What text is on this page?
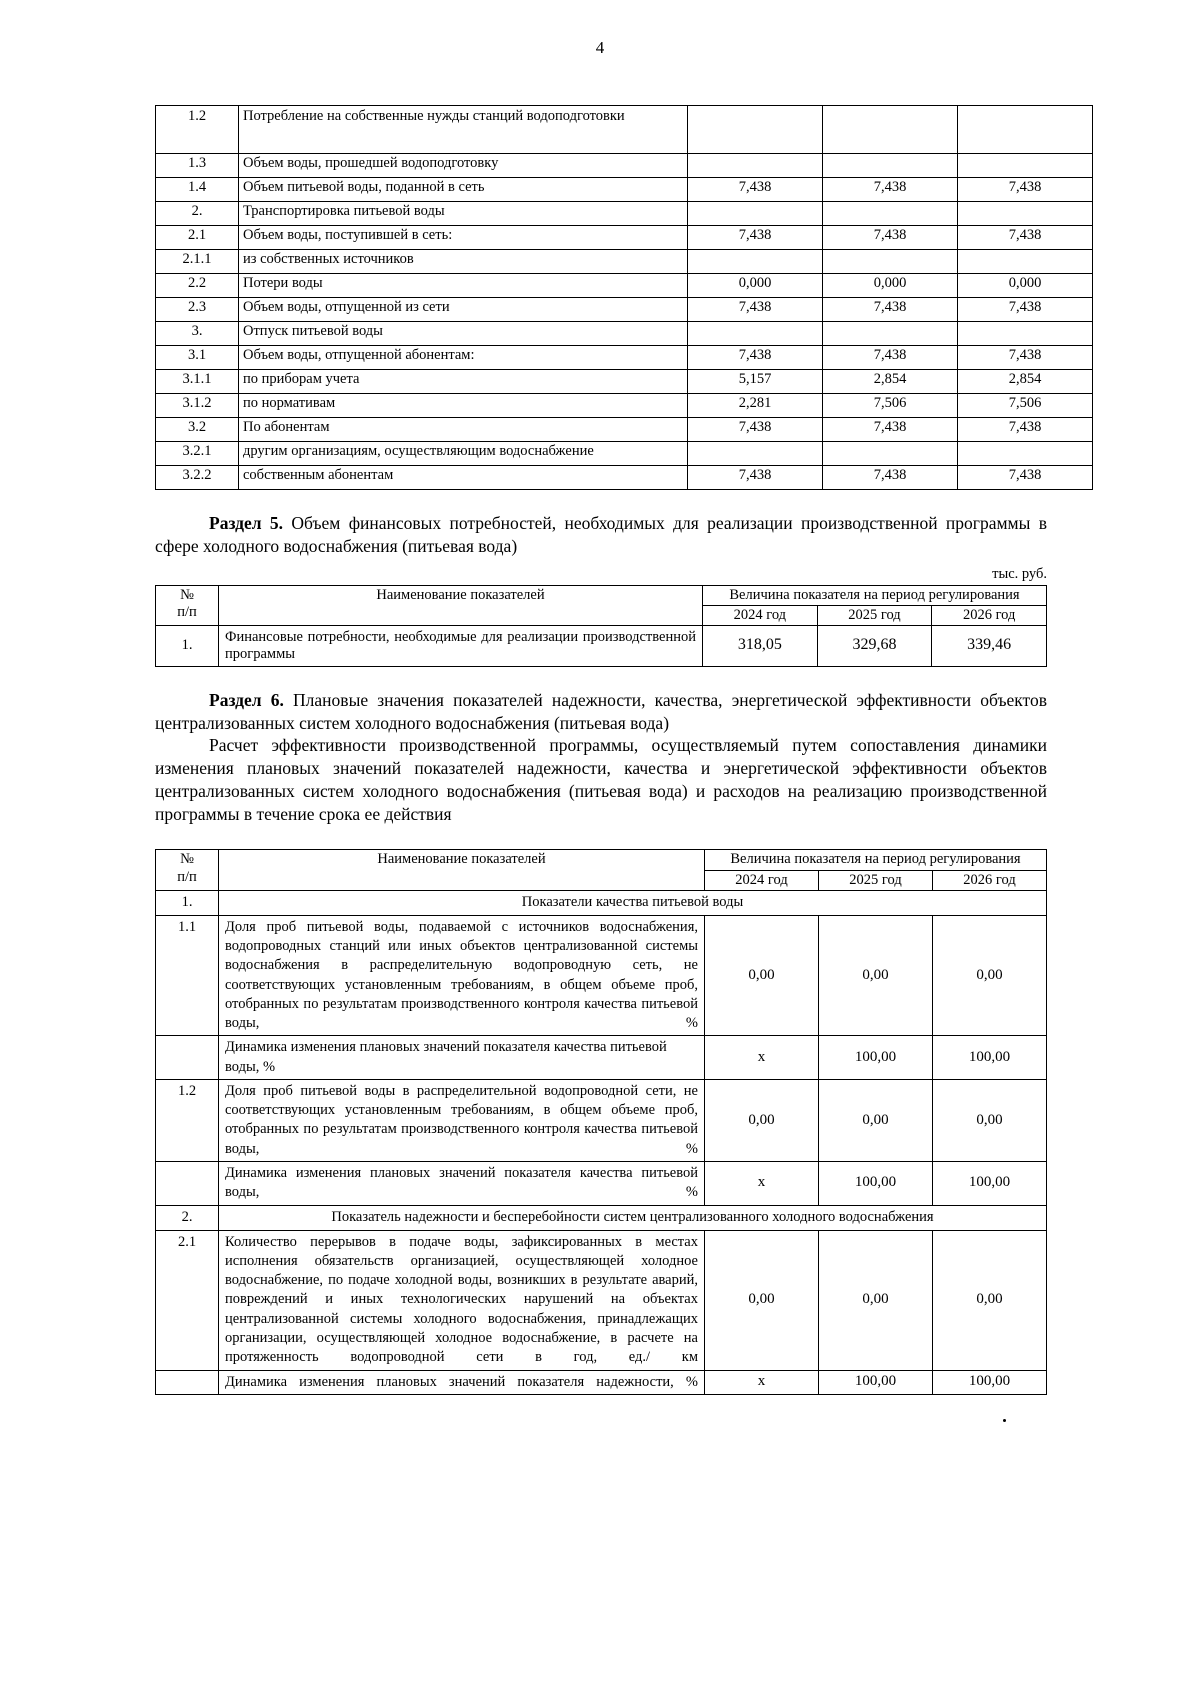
4
1.2	Потребление на собственные нужды станций водоподготовки			
1.3	Объем воды, прошедшей водоподготовку			
1.4	Объем питьевой воды, поданной в сеть	7,438	7,438	7,438
2.	Транспортировка питьевой воды			
2.1	Объем воды, поступившей в сеть:	7,438	7,438	7,438
2.1.1	из собственных источников			
2.2	Потери воды	0,000	0,000	0,000
2.3	Объем воды, отпущенной из сети	7,438	7,438	7,438
3.	Отпуск питьевой воды			
3.1	Объем воды, отпущенной абонентам:	7,438	7,438	7,438
3.1.1	по приборам учета	5,157	2,854	2,854
3.1.2	по нормативам	2,281	7,506	7,506
3.2	По абонентам	7,438	7,438	7,438
3.2.1	другим организациям, осуществляющим водоснабжение			
3.2.2	собственным абонентам	7,438	7,438	7,438
Раздел 5. Объем финансовых потребностей, необходимых для реализации производственной программы в сфере холодного водоснабжения (питьевая вода)
тыс. руб.
№
п/п	Наименование показателей	Величина показателя на период регулирования		
		2024 год	2025 год	2026 год
1.	Финансовые потребности, необходимые для реализации производственной программы	318,05	329,68	339,46
Раздел 6. Плановые значения показателей надежности, качества, энергетической эффективности объектов централизованных систем холодного водоснабжения (питьевая вода)

Расчет эффективности производственной программы, осуществляемый путем сопоставления динамики изменения плановых значений показателей надежности, качества и энергетической эффективности объектов централизованных систем холодного водоснабжения (питьевая вода) и расходов на реализацию производственной программы в течение срока ее действия

№
п/п	Наименование показателей	Величина показателя на период регулирования		
		2024 год	2025 год	2026 год
1.	Показатели качества питьевой воды			
1.1	Доля проб питьевой воды, подаваемой с источников водоснабжения, водопроводных станций или иных объектов централизованной системы водоснабжения в распределительную водопроводную сеть, не соответствующих установленным требованиям, в общем объеме проб, отобранных по результатам производственного контроля качества питьевой воды, %	0,00	0,00	0,00
	Динамика изменения плановых значений показателя качества питьевой воды, %	х	100,00	100,00
1.2	Доля проб питьевой воды в распределительной водопроводной сети, не соответствующих установленным требованиям, в общем объеме проб, отобранных по результатам производственного контроля качества питьевой воды, %	0,00	0,00	0,00
	Динамика изменения плановых значений показателя качества питьевой воды, %	х	100,00	100,00
2.	Показатель надежности и бесперебойности систем централизованного холодного водоснабжения			
2.1	Количество перерывов в подаче воды, зафиксированных в местах исполнения обязательств организацией, осуществляющей холодное водоснабжение, по подаче холодной воды, возникших в результате аварий, повреждений и иных технологических нарушений на объектах централизованной системы холодного водоснабжения, принадлежащих организации, осуществляющей холодное водоснабжение, в расчете на протяженность водопроводной сети в год, ед./ км	0,00	0,00	0,00
	Динамика изменения плановых значений показателя надежности, %	х	100,00	100,00
